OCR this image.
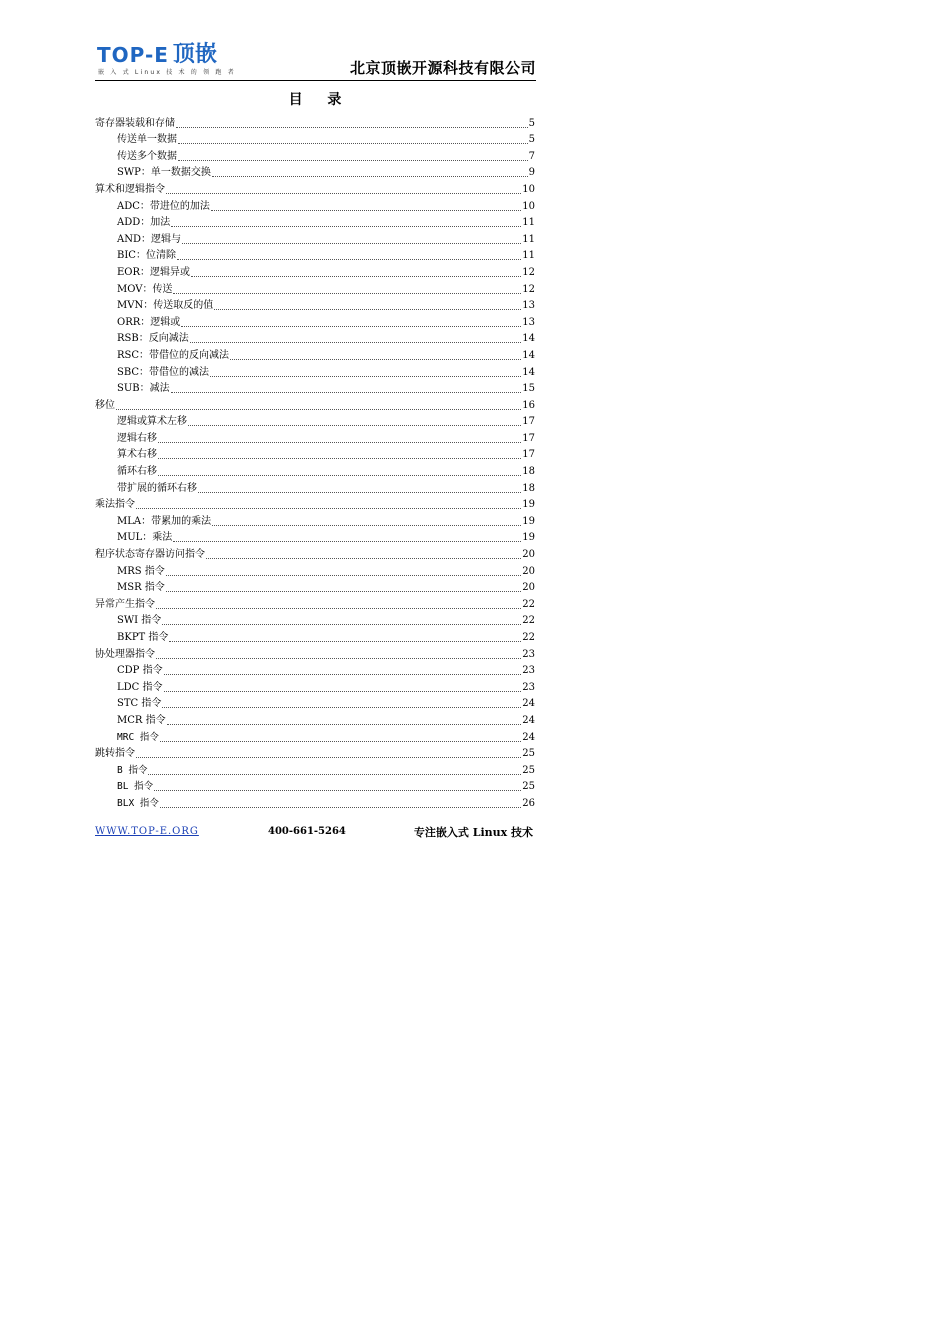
TOP-E 顶嵌
嵌 入 式 Linux 技 术 的 领 跑 者	北京顶嵌开源科技有限公司
目 录
寄存器装载和存储	5
传送单一数据	5
传送多个数据	7
SWP：单一数据交换	9
算术和逻辑指令	10
ADC：带进位的加法	10
ADD：加法	11
AND：逻辑与	11
BIC：位清除	11
EOR：逻辑异或	12
MOV：传送	12
MVN：传送取反的值	13
ORR：逻辑或	13
RSB：反向减法	14
RSC：带借位的反向减法	14
SBC：带借位的减法	14
SUB：减法	15
移位	16
逻辑或算术左移	17
逻辑右移	17
算术右移	17
循环右移	18
带扩展的循环右移	18
乘法指令	19
MLA：带累加的乘法	19
MUL：乘法	19
程序状态寄存器访问指令	20
MRS 指令	20
MSR 指令	20
异常产生指令	22
SWI 指令	22
BKPT 指令	22
协处理器指令	23
CDP 指令	23
LDC 指令	23
STC 指令	24
MCR 指令	24
MRC 指令	24
跳转指令	25
B 指令	25
BL 指令	25
BLX 指令	26
WWW.TOP-E.ORG	400-661-5264	专注嵌入式 Linux 技术
